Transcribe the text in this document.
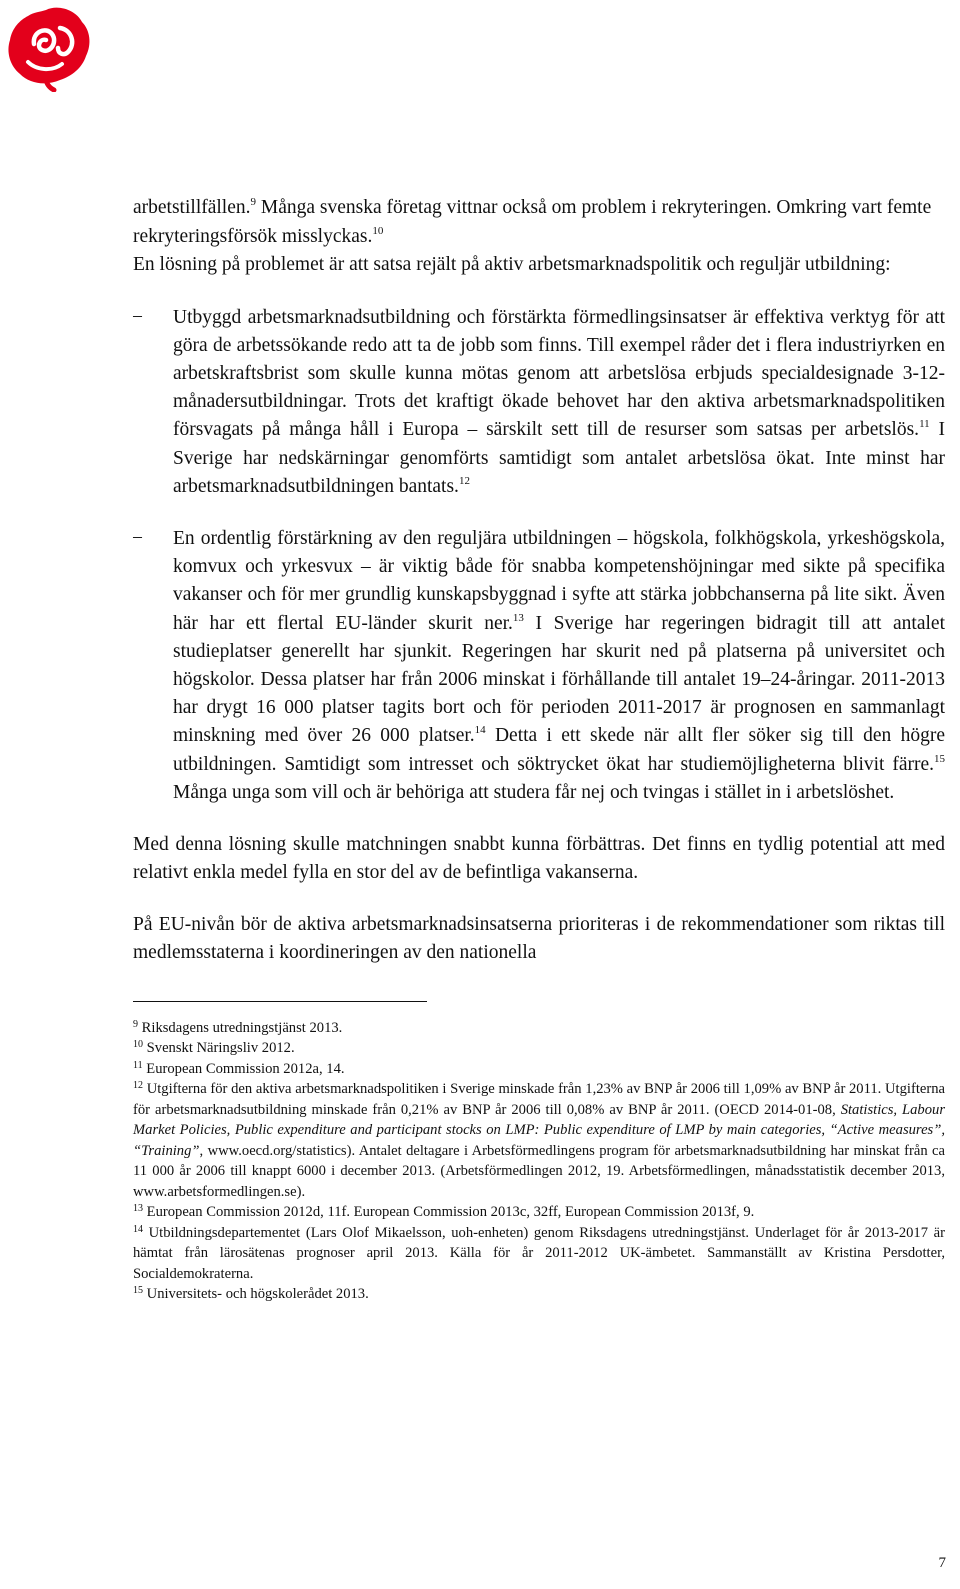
arbetstillfällen.$^9$ Många svenska företag vittnar också om problem i rekryteringen. Omkring vart femte rekryteringsförsök misslyckas.$^{10}$
En lösning på problemet är att satsa rejält på aktiv arbetsmarknadspolitik och reguljär utbildning:

− Utbyggd arbetsmarknadsutbildning och förstärkta förmedlingsinsatser är effektiva verktyg för att göra de arbetssökande redo att ta de jobb som finns. Till exempel råder det i flera industriyrken en arbetskraftsbrist som skulle kunna mötas genom att arbetslösa erbjuds specialdesignade 3-12-månadersutbildningar. Trots det kraftigt ökade behovet har den aktiva arbetsmarknadspolitiken försvagats på många håll i Europa – särskilt sett till de resurser som satsas per arbetslös.$^{11}$ I Sverige har nedskärningar genomförts samtidigt som antalet arbetslösa ökat. Inte minst har arbetsmarknadsutbildningen bantats.$^{12}$
− En ordentlig förstärkning av den reguljära utbildningen – högskola, folkhögskola, yrkeshögskola, komvux och yrkesvux – är viktig både för snabba kompetenshöjningar med sikte på specifika vakanser och för mer grundlig kunskapsbyggnad i syfte att stärka jobbchanserna på lite sikt. Även här har ett flertal EU-länder skurit ner.$^{13}$ I Sverige har regeringen bidragit till att antalet studieplatser generellt har sjunkit. Regeringen har skurit ned på platserna på universitet och högskolor. Dessa platser har från 2006 minskat i förhållande till antalet 19–24-åringar. 2011-2013 har drygt 16 000 platser tagits bort och för perioden 2011-2017 är prognosen en sammanlagt minskning med över 26 000 platser.$^{14}$ Detta i ett skede när allt fler söker sig till den högre utbildningen. Samtidigt som intresset och söktrycket ökat har studiemöjligheterna blivit färre.$^{15}$ Många unga som vill och är behöriga att studera får nej och tvingas i stället in i arbetslöshet.

Med denna lösning skulle matchningen snabbt kunna förbättras. Det finns en tydlig potential att med relativt enkla medel fylla en stor del av de befintliga vakanserna.

På EU-nivån bör de aktiva arbetsmarknadsinsatserna prioriteras i de rekommendationer som riktas till medlemsstaterna i koordineringen av den nationella

$^9$ Riksdagens utredningstjänst 2013.

$^{10}$ Svenskt Näringsliv 2012.

$^{11}$ European Commission 2012a, 14.

$^{12}$ Utgifterna för den aktiva arbetsmarknadspolitiken i Sverige minskade från 1,23% av BNP år 2006 till 1,09% av BNP år 2011. Utgifterna för arbetsmarknadsutbildning minskade från 0,21% av BNP år 2006 till 0,08% av BNP år 2011. (OECD 2014-01-08, Statistics, Labour Market Policies, Public expenditure and participant stocks on LMP: Public expenditure of LMP by main categories, “Active measures”, “Training”, www.oecd.org/statistics). Antalet deltagare i Arbetsförmedlingens program för arbetsmarknadsutbildning har minskat från ca 11 000 år 2006 till knappt 6000 i december 2013. (Arbetsförmedlingen 2012, 19. Arbetsförmedlingen, månadsstatistik december 2013, www.arbetsformedlingen.se).

$^{13}$ European Commission 2012d, 11f. European Commission 2013c, 32ff, European Commission 2013f, 9.

$^{14}$ Utbildningsdepartementet (Lars Olof Mikaelsson, uoh-enheten) genom Riksdagens utredningstjänst. Underlaget för år 2013-2017 är hämtat från lärosätenas prognoser april 2013. Källa för år 2011-2012 UK-ämbetet. Sammanställt av Kristina Persdotter, Socialdemokraterna.

$^{15}$ Universitets- och högskolerådet 2013.

7
